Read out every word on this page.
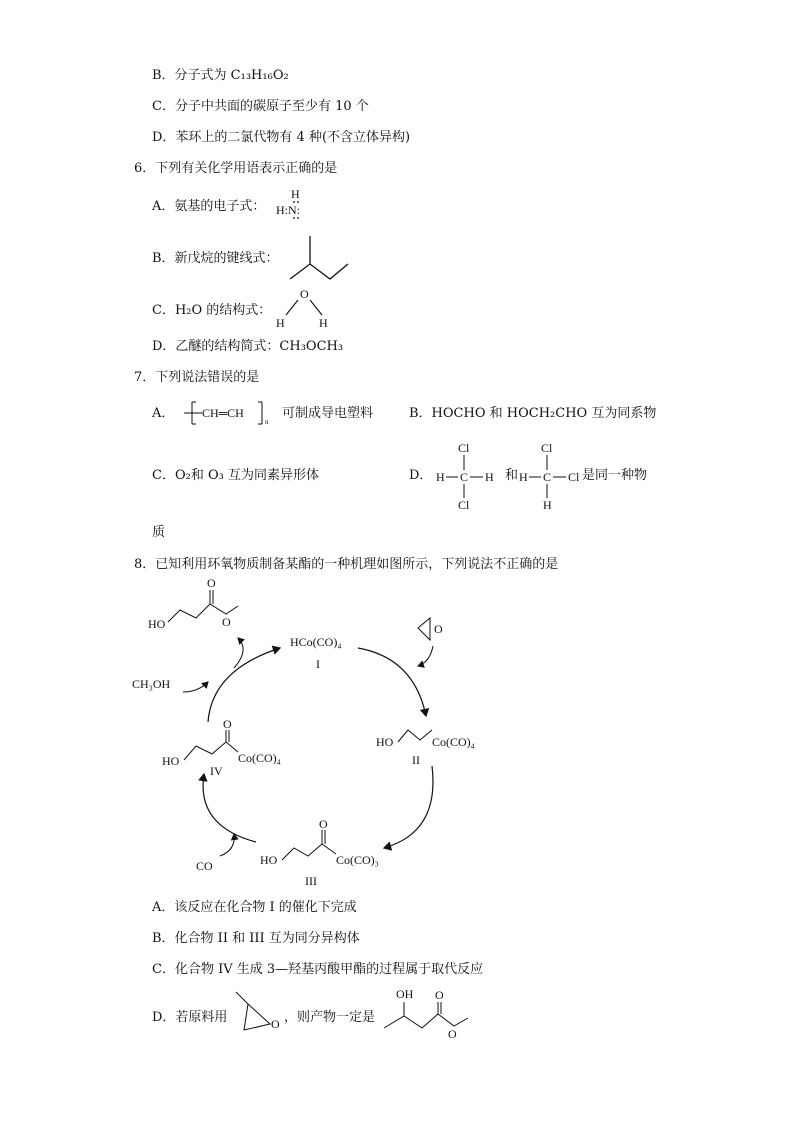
B．分子式为 C₁₃H₁₆O₂
C．分子中共面的碳原子至少有 10 个
D．苯环上的二氯代物有 4 种(不含立体异构)
6．下列有关化学用语表示正确的是
A．氨基的电子式：
H
H:N:
B．新戊烷的键线式：
C．H₂O 的结构式：
O
H	H
D．乙醚的结构简式：CH₃OCH₃
7．下列说法错误的是
A． CH═CH
n
可制成导电塑料	B．HOCHO 和 HOCH₂CHO 互为同系物
C．O₂和 O₃ 互为同素异形体	D．
Cl
H C H
Cl
和
Cl
H C Cl
H
是同一种物
质
8．已知利用环氧物质制备某酯的一种机理如图所示，下列说法不正确的是
HO
O
O
HCo(CO)₄
I
O
CH₃OH
HO	Co(CO)₄
II
HO
O
Co(CO)₃
III
HO
O
Co(CO)₄
IV
CO
A．该反应在化合物 I 的催化下完成
B．化合物 II 和 III 互为同分异构体
C．化合物 IV 生成 3—羟基丙酸甲酯的过程属于取代反应
D．若原料用	O ，则产物一定是
OH O
O
